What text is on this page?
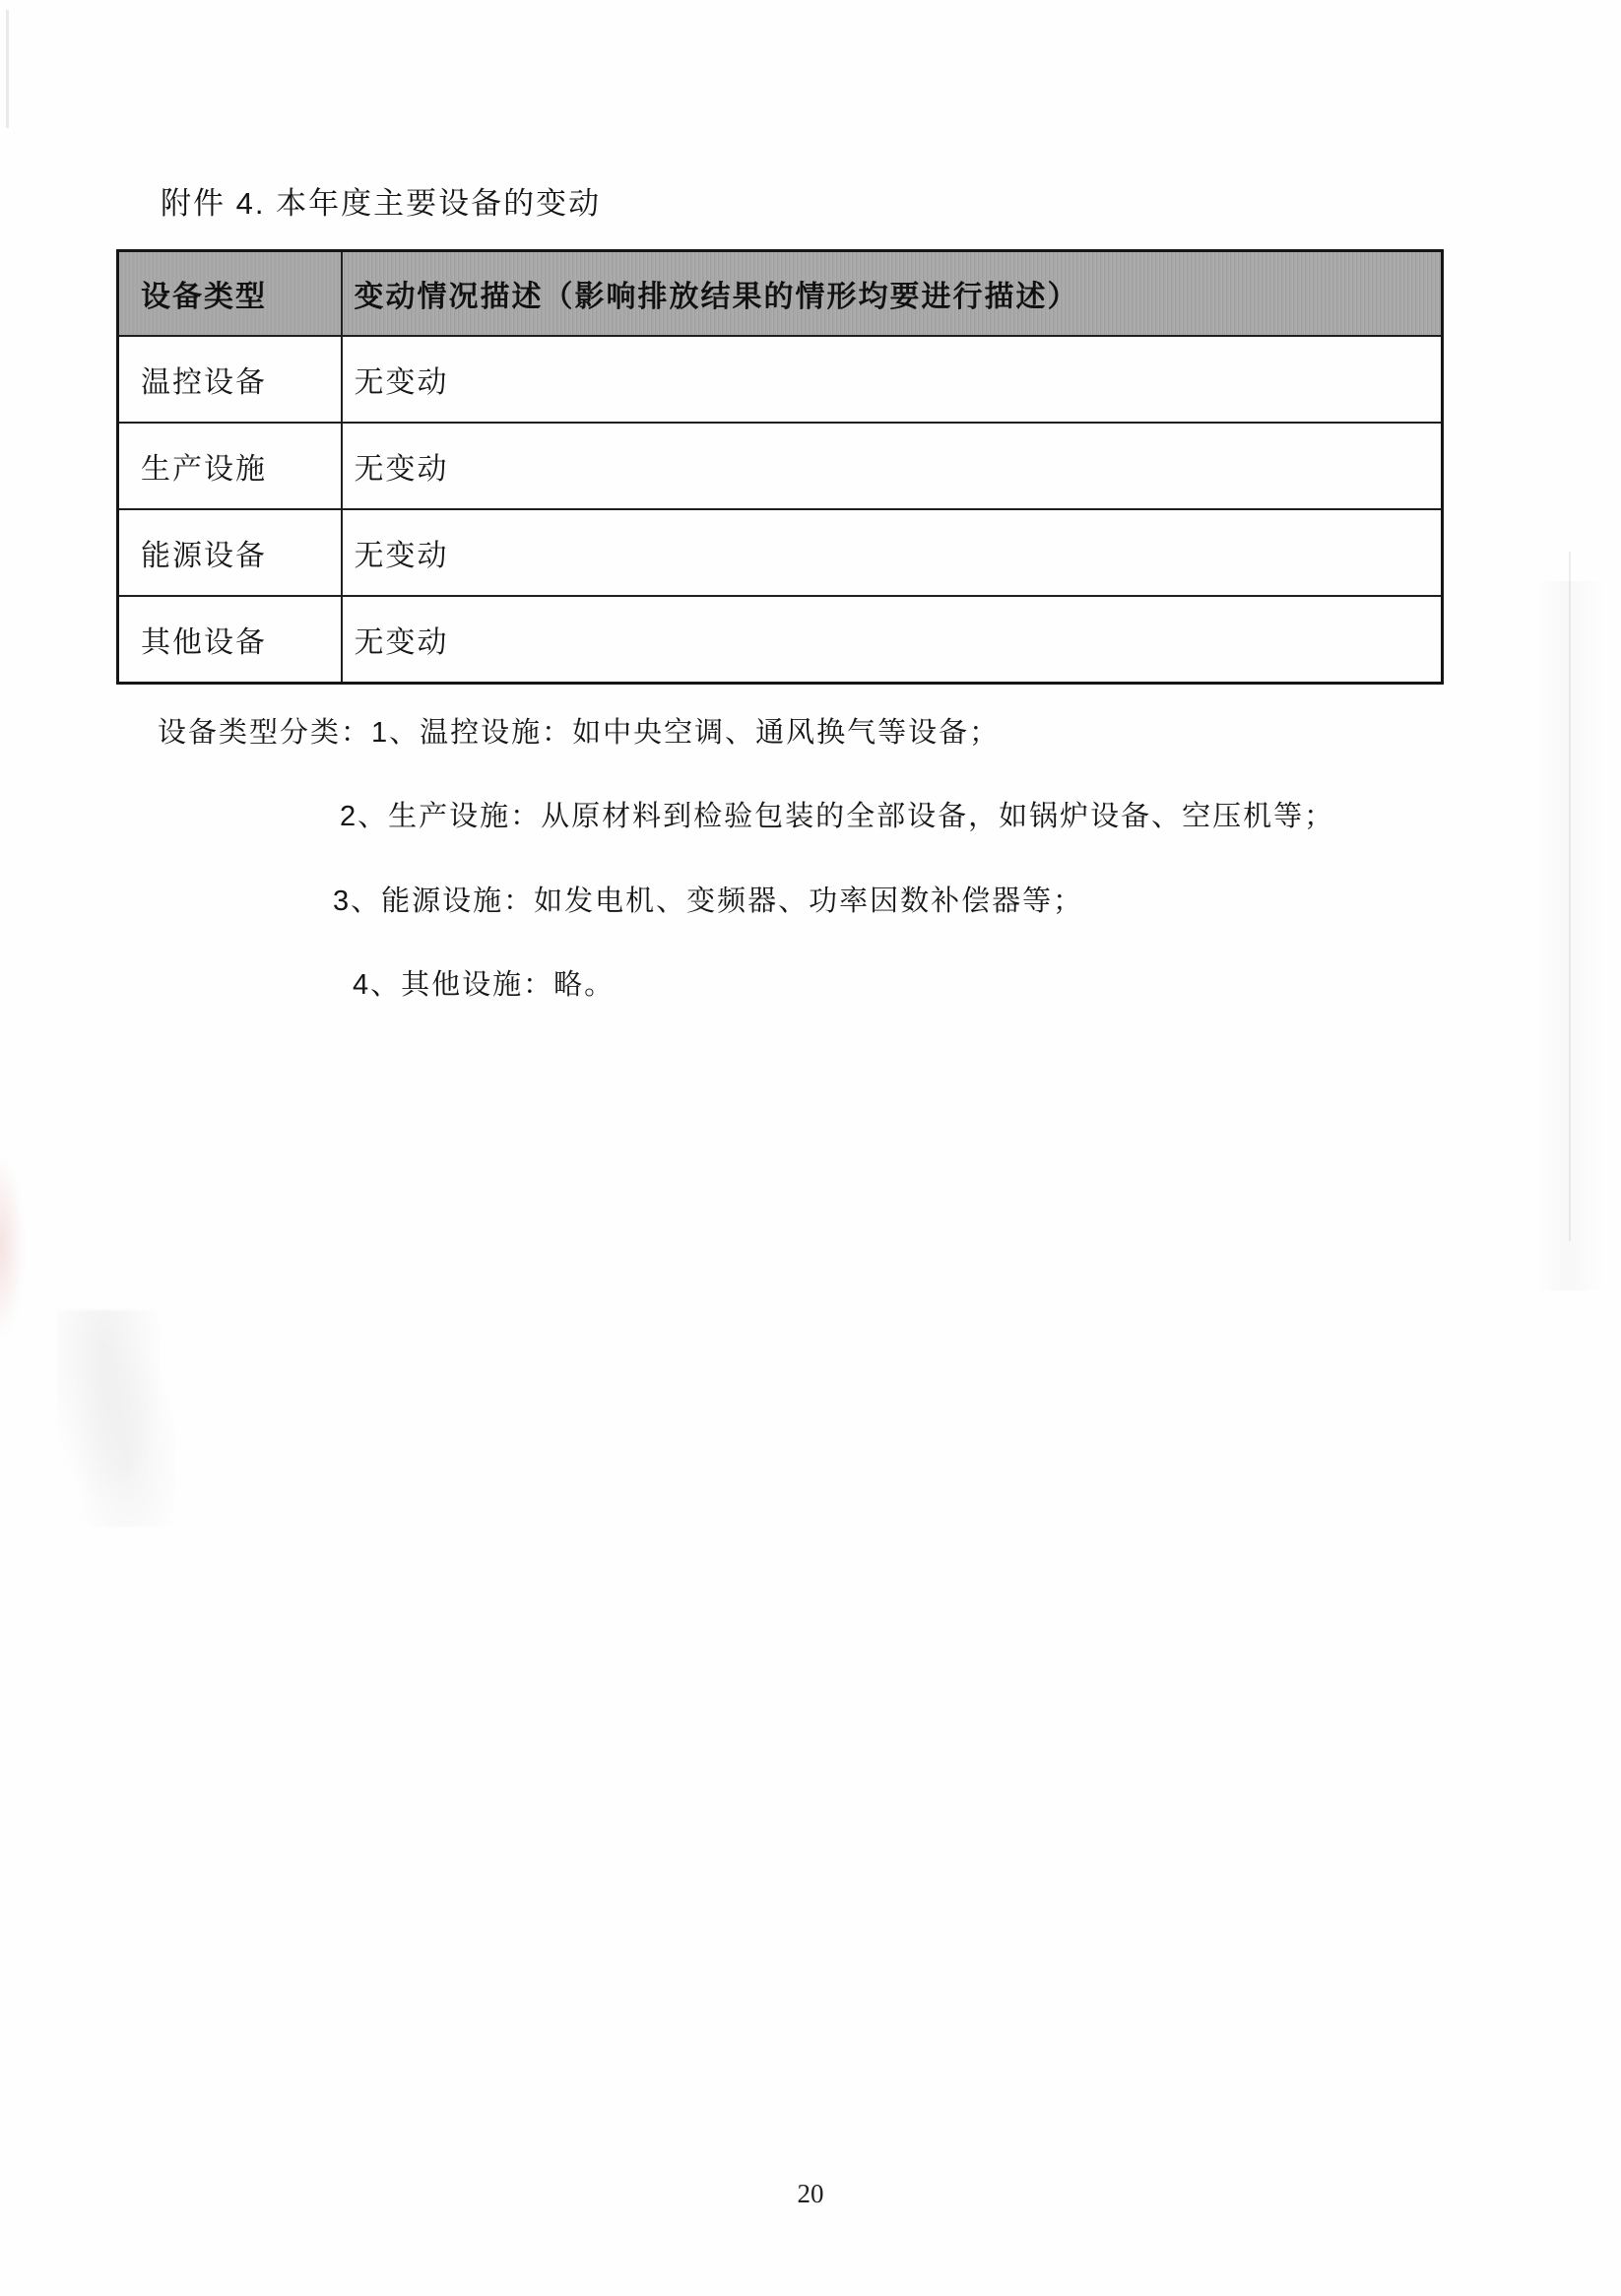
附件 4. 本年度主要设备的变动
设备类型	变动情况描述（影响排放结果的情形均要进行描述）
温控设备	无变动
生产设施	无变动
能源设备	无变动
其他设备	无变动
设备类型分类：1、温控设施：如中央空调、通风换气等设备；
2、生产设施：从原材料到检验包装的全部设备，如锅炉设备、空压机等；
3、能源设施：如发电机、变频器、功率因数补偿器等；
4、其他设施：略。
20
